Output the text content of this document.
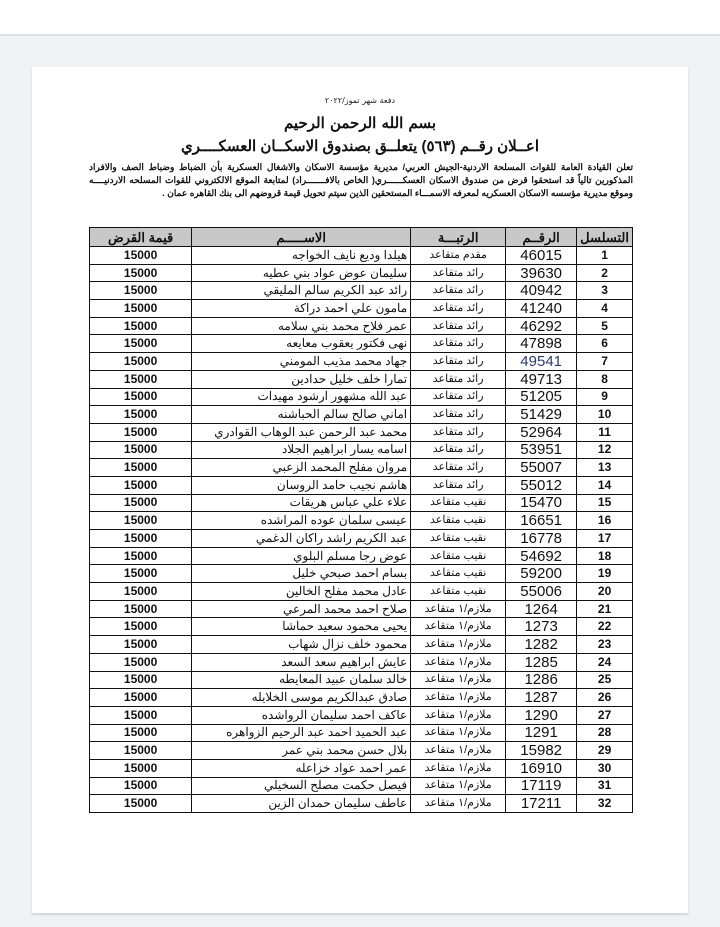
دفعة شهر تموز/٢٠٢٢
بسم الله الرحمن الرحيم
اعــلان رقــم (٥٦٣) يتعلــق بصندوق الاسكــان العسكــــري
تعلن القيادة العامة للقوات المسلحة الاردنية-الجيش العربي/ مديرية مؤسسة الاسكان والاشغال العسكرية بأن الضباط وضباط الصف والافراد المذكورين تالياً قد استحقوا قرض من صندوق الاسكان العسكــــــري( الخاص بالافـــــــراد) لمتابعة الموقع الالكتروني للقوات المسلحه الاردنيــــه وموقع مديرية مؤسسه الاسكان العسكريه لمعرفه الاسمـــاء المستحقين الذين سيتم تحويل قيمة قروضهم الى بنك القاهره عمان .
التسلسل	الرقــم	الرتبـــة	الاســـــم	قيمة القرض
1	46015	مقدم متقاعد	هيلدا وديع نايف الخواجه	15000
2	39630	رائد متقاعد	سليمان عوض عواد بني عطيه	15000
3	40942	رائد متقاعد	رائد عبد الكريم سالم المليقي	15000
4	41240	رائد متقاعد	مامون علي احمد دراكة	15000
5	46292	رائد متقاعد	عمر فلاح محمد بني سلامه	15000
6	47898	رائد متقاعد	نهى فكتور يعقوب معايعه	15000
7	49541	رائد متقاعد	جهاد محمد مذيب المومني	15000
8	49713	رائد متقاعد	تمارا خلف خليل حدادين	15000
9	51205	رائد متقاعد	عبد الله مشهور ارشود مهيدات	15000
10	51429	رائد متقاعد	اماني صالح سالم الحباشنه	15000
11	52964	رائد متقاعد	محمد عبد الرحمن عبد الوهاب القوادري	15000
12	53951	رائد متقاعد	اسامه يسار ابراهيم الجلاد	15000
13	55007	رائد متقاعد	مروان مفلح المحمد الزعبي	15000
14	55012	رائد متقاعد	هاشم نجيب حامد الروسان	15000
15	15470	نقيب متقاعد	علاء علي عباس هريقات	15000
16	16651	نقيب متقاعد	عيسى سلمان عوده المراشده	15000
17	16778	نقيب متقاعد	عبد الكريم راشد راكان الدغمي	15000
18	54692	نقيب متقاعد	عوض رجا مسلم البلوي	15000
19	59200	نقيب متقاعد	بسام احمد صبحي خليل	15000
20	55006	نقيب متقاعد	عادل محمد مفلح الخالين	15000
21	1264	ملازم/١ متقاعد	صلاح احمد محمد المرعي	15000
22	1273	ملازم/١ متقاعد	يحيى محمود سعيد حماشا	15000
23	1282	ملازم/١ متقاعد	محمود خلف نزال شهاب	15000
24	1285	ملازم/١ متقاعد	عايش ابراهيم سعد السعد	15000
25	1286	ملازم/١ متقاعد	خالد سلمان عبيد المعايطه	15000
26	1287	ملازم/١ متقاعد	صادق عبدالكريم موسى الخلايله	15000
27	1290	ملازم/١ متقاعد	عاكف احمد سليمان الرواشده	15000
28	1291	ملازم/١ متقاعد	عبد الحميد احمد عبد الرحيم الزواهره	15000
29	15982	ملازم/١ متقاعد	بلال حسن محمد بني عمر	15000
30	16910	ملازم/١ متقاعد	عمر احمد عواد خزاعله	15000
31	17119	ملازم/١ متقاعد	فيصل حكمت مصلح السخيلي	15000
32	17211	ملازم/١ متقاعد	عاطف سليمان حمدان الزين	15000
